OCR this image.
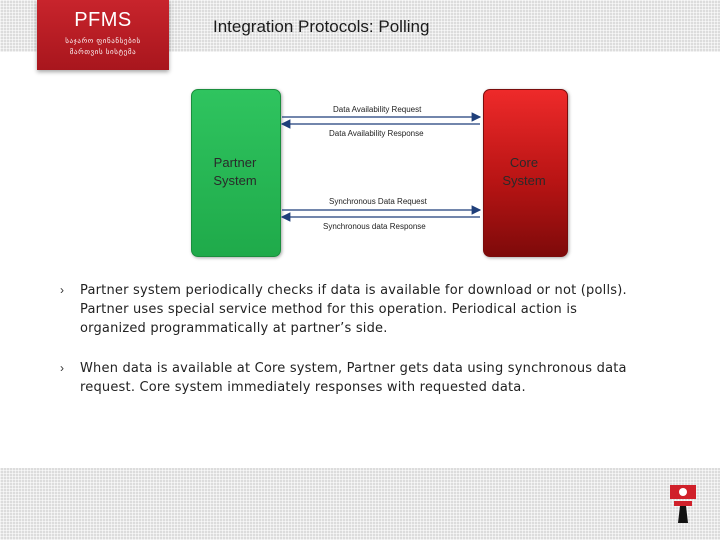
PFMS
საჯარო ფინანსების
მართვის სისტემა
Integration Protocols: Polling
Partner System
Core System
Data Availability Request
Data Availability Response
Synchronous Data Request
Synchronous data Response
› Partner system periodically checks if data is available for download or not (polls). Partner uses special service method for this operation. Periodical action is organized programmatically at partner’s side.
› When data is available at Core system, Partner gets data using synchronous data request. Core system immediately responses with requested data.
